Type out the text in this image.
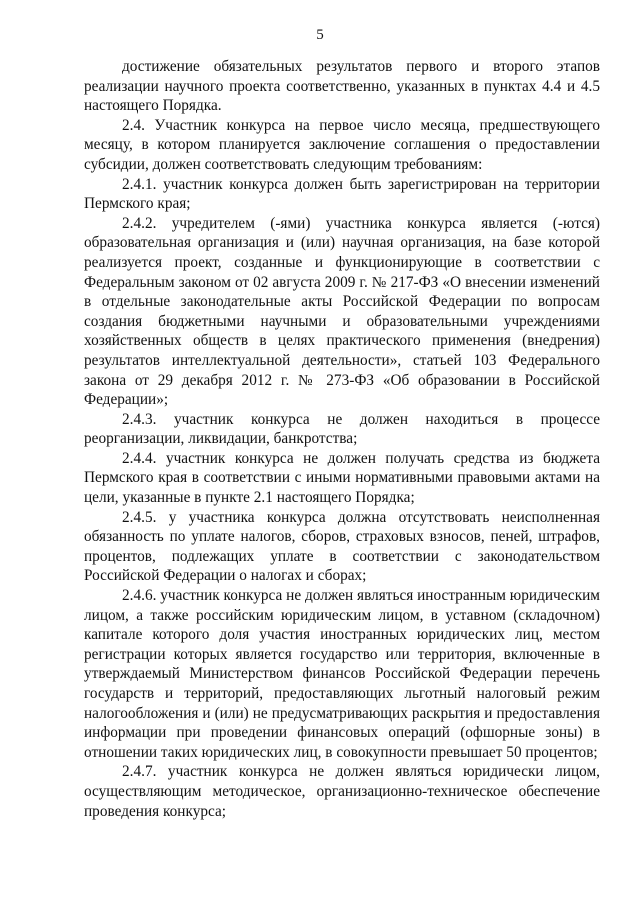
5

достижение обязательных результатов первого и второго этапов реализации научного проекта соответственно, указанных в пунктах 4.4 и 4.5 настоящего Порядка.

2.4. Участник конкурса на первое число месяца, предшествующего месяцу, в котором планируется заключение соглашения о предоставлении субсидии, должен соответствовать следующим требованиям:

2.4.1. участник конкурса должен быть зарегистрирован на территории Пермского края;

2.4.2. учредителем (-ями) участника конкурса является (-ются) образовательная организация и (или) научная организация, на базе которой реализуется проект, созданные и функционирующие в соответствии с Федеральным законом от 02 августа 2009 г. № 217-ФЗ «О внесении изменений в отдельные законодательные акты Российской Федерации по вопросам создания бюджетными научными и образовательными учреждениями хозяйственных обществ в целях практического применения (внедрения) результатов интеллектуальной деятельности», статьей 103 Федерального закона от 29 декабря 2012 г. № 273-ФЗ «Об образовании в Российской Федерации»;

2.4.3. участник конкурса не должен находиться в процессе реорганизации, ликвидации, банкротства;

2.4.4. участник конкурса не должен получать средства из бюджета Пермского края в соответствии с иными нормативными правовыми актами на цели, указанные в пункте 2.1 настоящего Порядка;

2.4.5. у участника конкурса должна отсутствовать неисполненная обязанность по уплате налогов, сборов, страховых взносов, пеней, штрафов, процентов, подлежащих уплате в соответствии с законодательством Российской Федерации о налогах и сборах;

2.4.6. участник конкурса не должен являться иностранным юридическим лицом, а также российским юридическим лицом, в уставном (складочном) капитале которого доля участия иностранных юридических лиц, местом регистрации которых является государство или территория, включенные в утверждаемый Министерством финансов Российской Федерации перечень государств и территорий, предоставляющих льготный налоговый режим налогообложения и (или) не предусматривающих раскрытия и предоставления информации при проведении финансовых операций (офшорные зоны) в отношении таких юридических лиц, в совокупности превышает 50 процентов;

2.4.7. участник конкурса не должен являться юридически лицом, осуществляющим методическое, организационно-техническое обеспечение проведения конкурса;
